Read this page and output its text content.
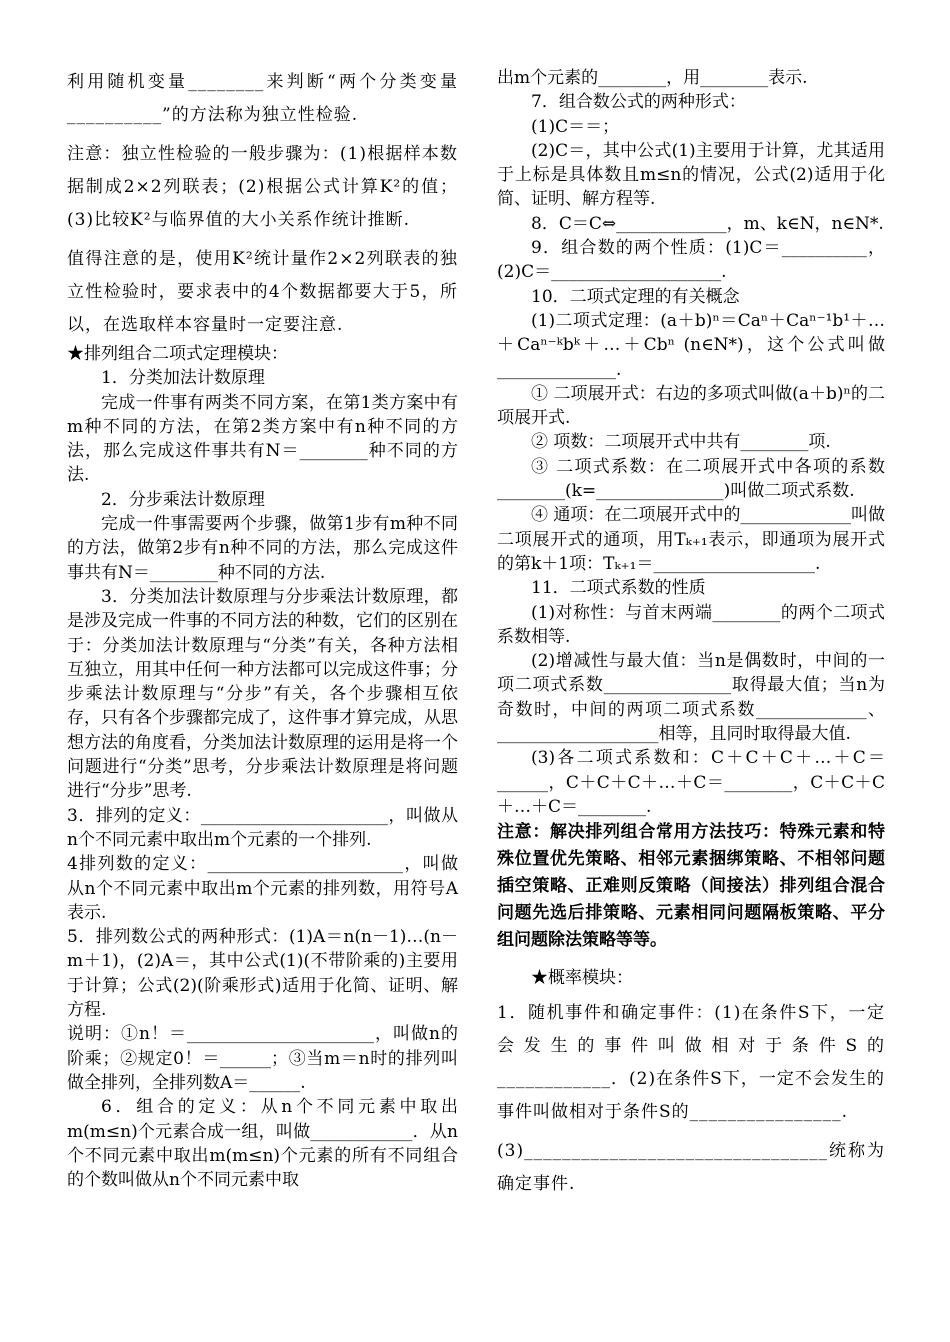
利用随机变量________来判断“两个分类变量__________”的方法称为独立性检验.

注意：独立性检验的一般步骤为：(1)根据样本数据制成2×2列联表；(2)根据公式计算K²的值；(3)比较K²与临界值的大小关系作统计推断.

值得注意的是，使用K²统计量作2×2列联表的独立性检验时，要求表中的4个数据都要大于5，所以，在选取样本容量时一定要注意.

★排列组合二项式定理模块：

1．分类加法计数原理

完成一件事有两类不同方案，在第1类方案中有m种不同的方法，在第2类方案中有n种不同的方法，那么完成这件事共有N＝________种不同的方法.

2．分步乘法计数原理

完成一件事需要两个步骤，做第1步有m种不同的方法，做第2步有n种不同的方法，那么完成这件事共有N＝________种不同的方法.

3．分类加法计数原理与分步乘法计数原理，都是涉及完成一件事的不同方法的种数，它们的区别在于：分类加法计数原理与“分类”有关，各种方法相互独立，用其中任何一种方法都可以完成这件事；分步乘法计数原理与“分步”有关，各个步骤相互依存，只有各个步骤都完成了，这件事才算完成，从思想方法的角度看，分类加法计数原理的运用是将一个问题进行“分类”思考，分步乘法计数原理是将问题进行“分步”思考.

3．排列的定义：______________________，叫做从n个不同元素中取出m个元素的一个排列.

4排列数的定义：_______________________，叫做从n个不同元素中取出m个元素的排列数，用符号A表示.

5．排列数公式的两种形式：(1)A＝n(n－1)…(n－m＋1)，(2)A＝，其中公式(1)(不带阶乘的)主要用于计算；公式(2)(阶乘形式)适用于化简、证明、解方程.

说明：①n！＝______________________，叫做n的阶乘；②规定0！＝______；③当m＝n时的排列叫做全排列，全排列数A＝______.

6．组合的定义：从n个不同元素中取出m(m≤n)个元素合成一组，叫做____________．从n个不同元素中取出m(m≤n)个元素的所有不同组合的个数叫做从n个不同元素中取

出m个元素的________，用________表示.

7．组合数公式的两种形式：

(1)C＝＝；

(2)C＝，其中公式(1)主要用于计算，尤其适用于上标是具体数且m≤n的情况，公式(2)适用于化简、证明、解方程等.

8．C＝C⇔_____________，m、k∈N，n∈N*.

9．组合数的两个性质：(1)C＝__________，(2)C＝____________________.

10．二项式定理的有关概念

(1)二项式定理：(a＋b)ⁿ＝Caⁿ＋Caⁿ⁻¹b¹＋…＋Caⁿ⁻ᵏbᵏ＋…＋Cbⁿ (n∈N*)，这个公式叫做______________.

① 二项展开式：右边的多项式叫做(a＋b)ⁿ的二项展开式.

② 项数：二项展开式中共有________项.

③ 二项式系数：在二项展开式中各项的系数________(k=_______________)叫做二项式系数.

④ 通项：在二项展开式中的_____________叫做二项展开式的通项，用Tₖ₊₁表示，即通项为展开式的第k＋1项：Tₖ₊₁＝___________________.

11．二项式系数的性质

(1)对称性：与首末两端________的两个二项式系数相等.

(2)增减性与最大值：当n是偶数时，中间的一项二项式系数_______________取得最大值；当n为奇数时，中间的两项二项式系数_____________、___________________相等，且同时取得最大值.

(3)各二项式系数和：C＋C＋C＋…＋C＝______，C＋C＋C＋…＋C＝________，C＋C＋C＋…＋C＝________.

注意：解决排列组合常用方法技巧：特殊元素和特殊位置优先策略、相邻元素捆绑策略、不相邻问题插空策略、正难则反策略（间接法）排列组合混合问题先选后排策略、元素相同问题隔板策略、平分组问题除法策略等等。

★概率模块：

1．随机事件和确定事件：(1)在条件S下，一定会发生的事件叫做相对于条件S的____________．(2)在条件S下，一定不会发生的事件叫做相对于条件S的________________.

(3)________________________________统称为确定事件.
